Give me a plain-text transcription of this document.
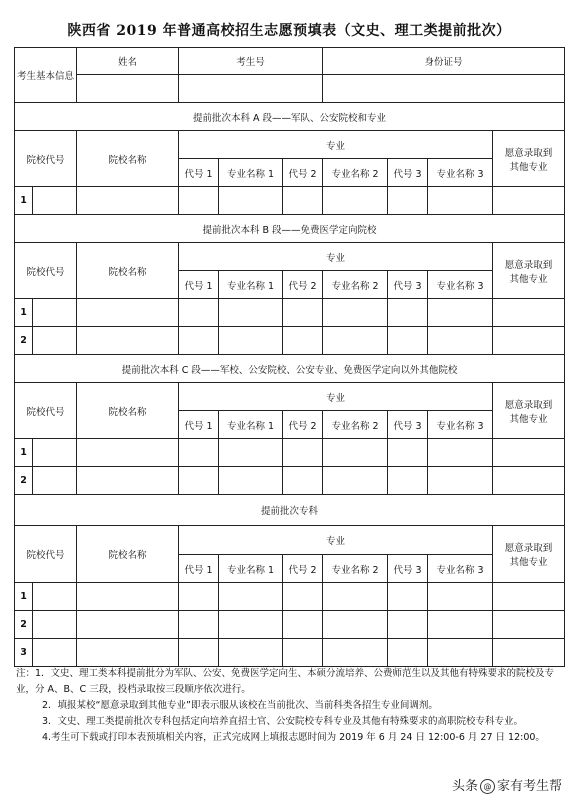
陕西省 2019 年普通高校招生志愿预填表（文史、理工类提前批次）
考生基本信息		姓名	考生号			身份证号			

提前批次本科 A 段——军队、公安院校和专业									
院校代号		院校名称	专业						愿意录取到其他专业
			代号 1	专业名称 1	代号 2	专业名称 2	代号 3	专业名称 3	
1									
提前批次本科 B 段——免费医学定向院校									
院校代号		院校名称	专业						愿意录取到其他专业
			代号 1	专业名称 1	代号 2	专业名称 2	代号 3	专业名称 3	
1									
2									
提前批次本科 C 段——军校、公安院校、公安专业、免费医学定向以外其他院校									
院校代号		院校名称	专业						愿意录取到其他专业
			代号 1	专业名称 1	代号 2	专业名称 2	代号 3	专业名称 3	
1									
2									
提前批次专科									
院校代号		院校名称	专业						愿意录取到其他专业
			代号 1	专业名称 1	代号 2	专业名称 2	代号 3	专业名称 3	
1									
2									
3									

注：1．文史、理工类本科提前批分为军队、公安、免费医学定向生、本硕分流培养、公费师范生以及其他有特殊要求的院校及专业，分 A、B、C 三段，投档录取按三段顺序依次进行。

2．填报某校“愿意录取到其他专业”即表示服从该校在当前批次、当前科类各招生专业间调剂。

3．文史、理工类提前批次专科包括定向培养直招士官、公安院校专科专业及其他有特殊要求的高职院校专科专业。

4.考生可下载或打印本表预填相关内容，正式完成网上填报志愿时间为 2019 年 6 月 24 日 12:00-6 月 27 日 12:00。

头条 @ 家有考生帮
